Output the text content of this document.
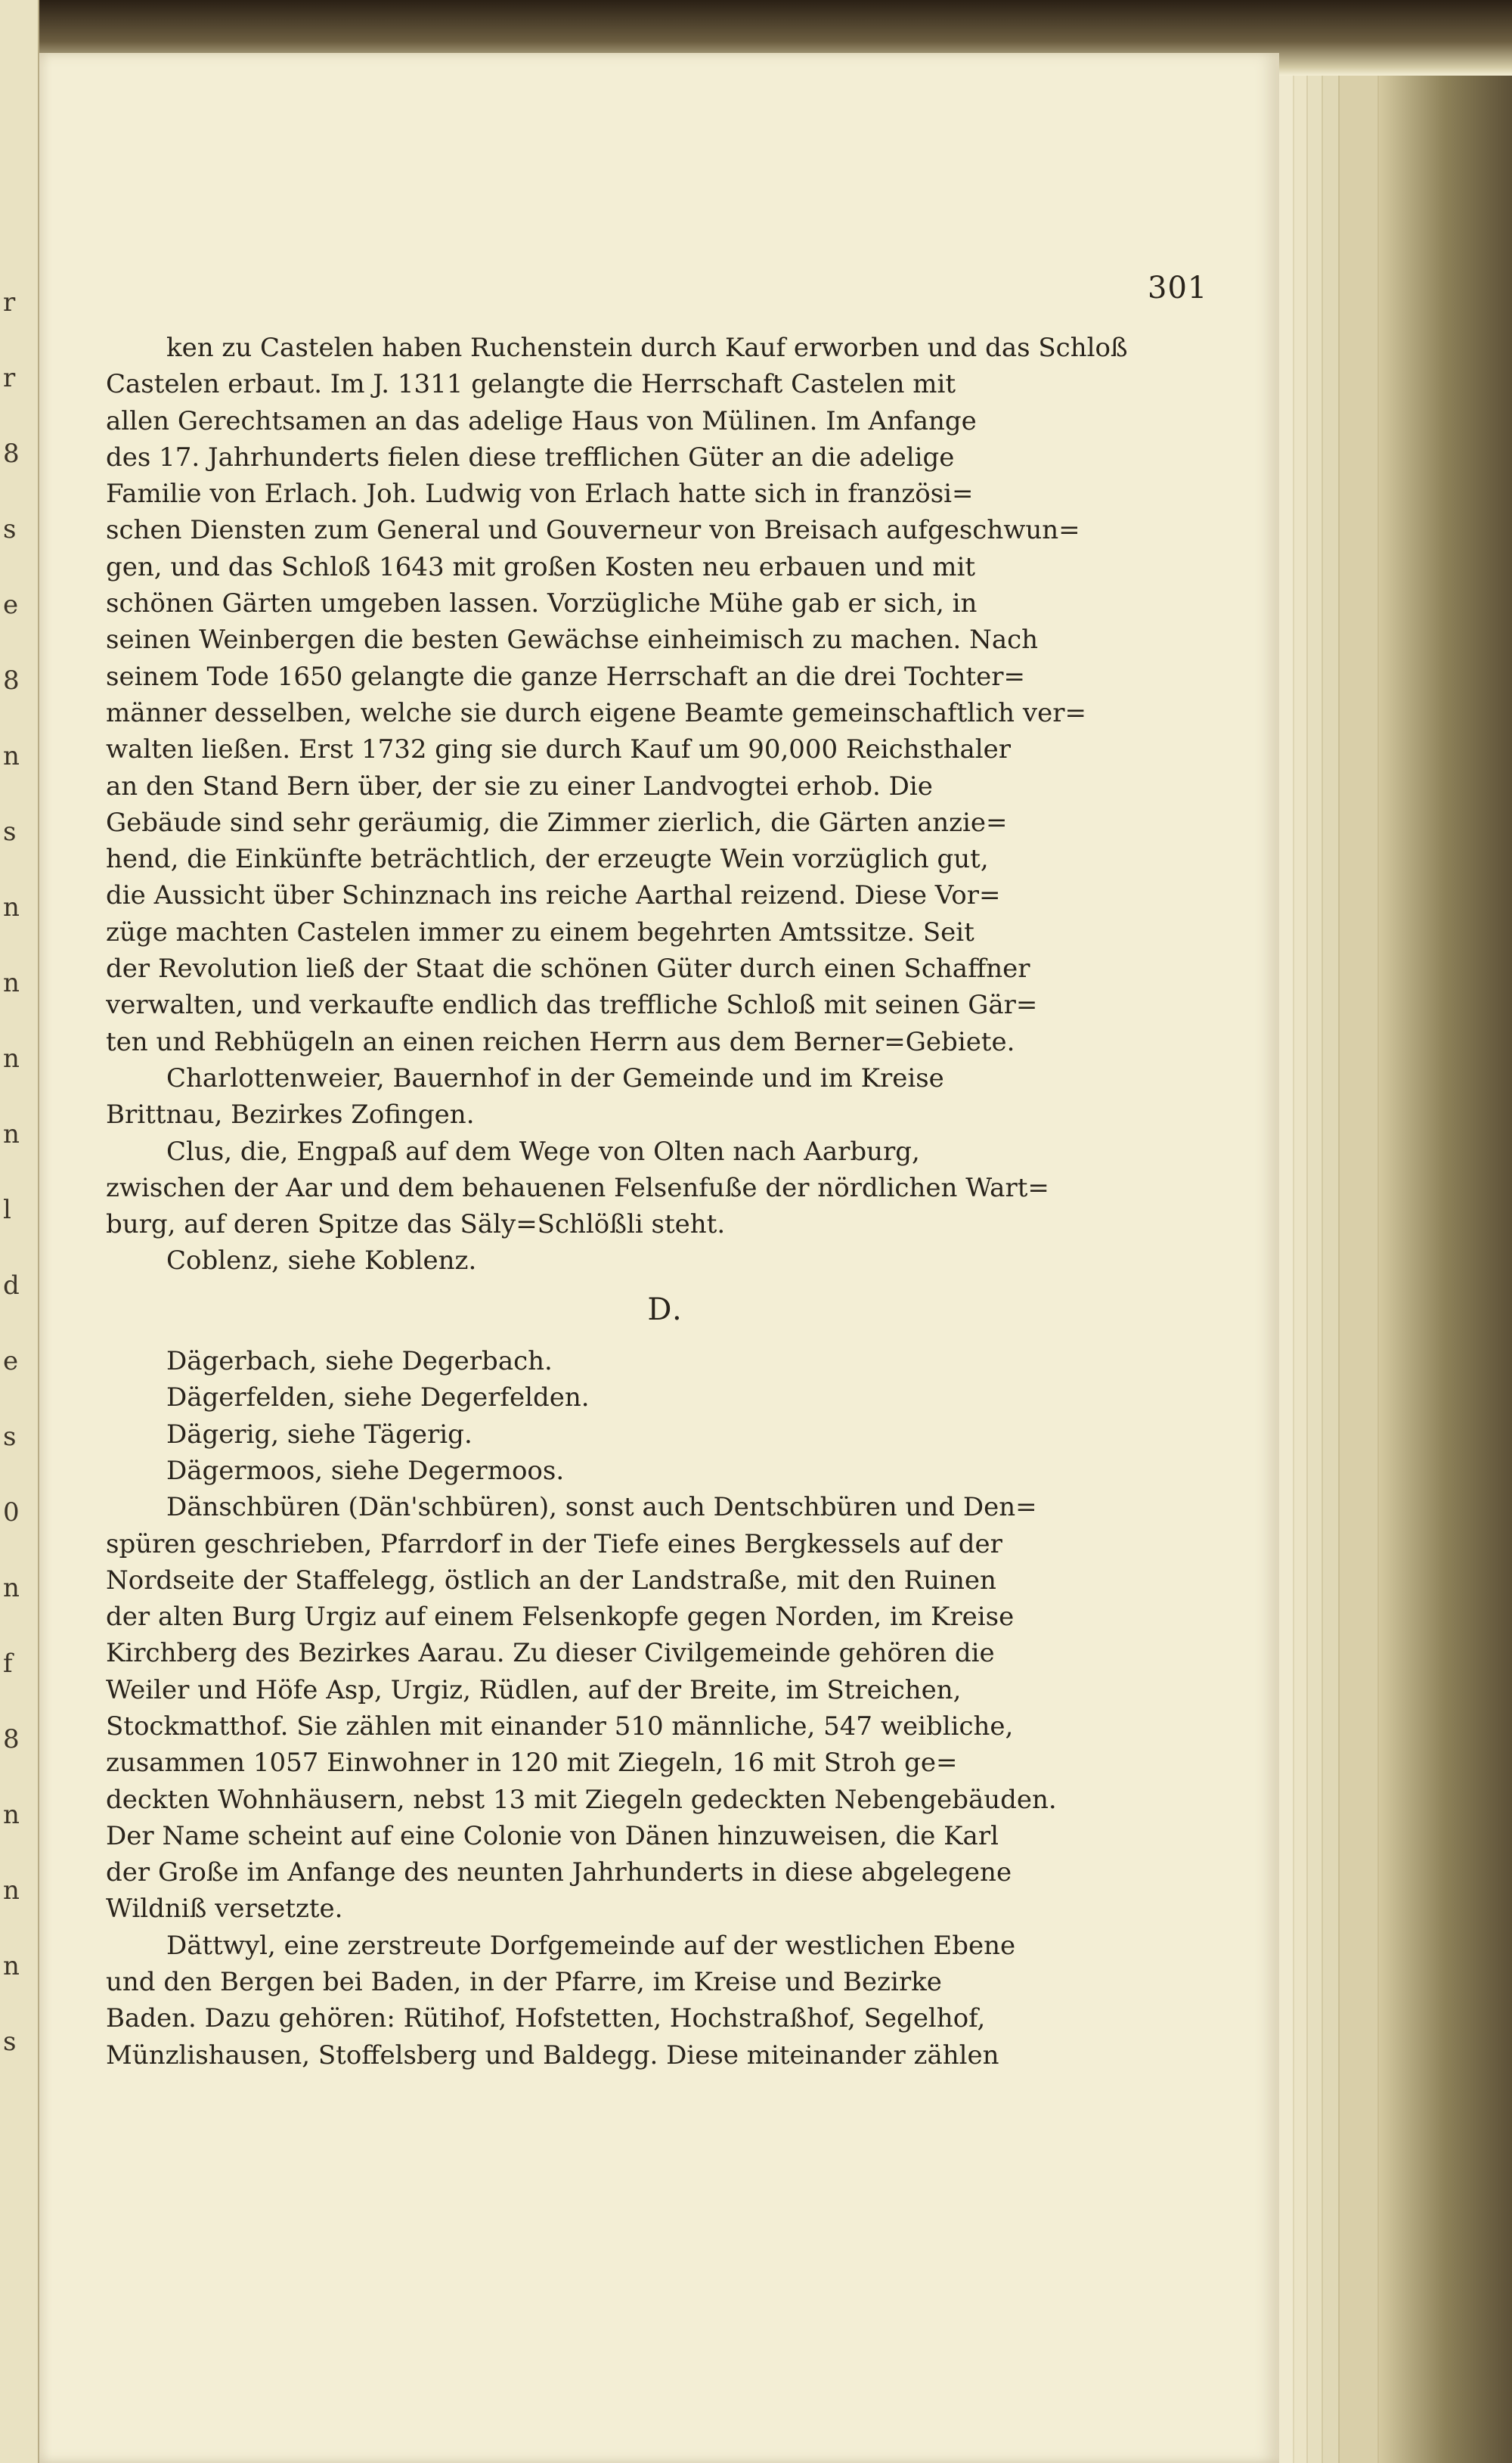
r
r
8
s
e
8
n
s
n
n
n
n
l
d
e
s
0
n
f
8
n
n
n
s
301

ken zu Castelen haben Ruchenstein durch Kauf erworben und das Schloß
Castelen erbaut. Im J. 1311 gelangte die Herrschaft Castelen mit
allen Gerechtsamen an das adelige Haus von Mülinen. Im Anfange
des 17. Jahrhunderts fielen diese trefflichen Güter an die adelige
Familie von Erlach. Joh. Ludwig von Erlach hatte sich in französi=
schen Diensten zum General und Gouverneur von Breisach aufgeschwun=
gen, und das Schloß 1643 mit großen Kosten neu erbauen und mit
schönen Gärten umgeben lassen. Vorzügliche Mühe gab er sich, in
seinen Weinbergen die besten Gewächse einheimisch zu machen. Nach
seinem Tode 1650 gelangte die ganze Herrschaft an die drei Tochter=
männer desselben, welche sie durch eigene Beamte gemeinschaftlich ver=
walten ließen. Erst 1732 ging sie durch Kauf um 90,000 Reichsthaler
an den Stand Bern über, der sie zu einer Landvogtei erhob. Die
Gebäude sind sehr geräumig, die Zimmer zierlich, die Gärten anzie=
hend, die Einkünfte beträchtlich, der erzeugte Wein vorzüglich gut,
die Aussicht über Schinznach ins reiche Aarthal reizend. Diese Vor=
züge machten Castelen immer zu einem begehrten Amtssitze. Seit
der Revolution ließ der Staat die schönen Güter durch einen Schaffner
verwalten, und verkaufte endlich das treffliche Schloß mit seinen Gär=
ten und Rebhügeln an einen reichen Herrn aus dem Berner=Gebiete.

Charlottenweier, Bauernhof in der Gemeinde und im Kreise
Brittnau, Bezirkes Zofingen.

Clus, die, Engpaß auf dem Wege von Olten nach Aarburg,
zwischen der Aar und dem behauenen Felsenfuße der nördlichen Wart=
burg, auf deren Spitze das Säly=Schlößli steht.

Coblenz, siehe Koblenz.

D.

Dägerbach, siehe Degerbach.

Dägerfelden, siehe Degerfelden.

Dägerig, siehe Tägerig.

Dägermoos, siehe Degermoos.

Dänschbüren (Dän'schbüren), sonst auch Dentschbüren und Den=
spüren geschrieben, Pfarrdorf in der Tiefe eines Bergkessels auf der
Nordseite der Staffelegg, östlich an der Landstraße, mit den Ruinen
der alten Burg Urgiz auf einem Felsenkopfe gegen Norden, im Kreise
Kirchberg des Bezirkes Aarau. Zu dieser Civilgemeinde gehören die
Weiler und Höfe Asp, Urgiz, Rüdlen, auf der Breite, im Streichen,
Stockmatthof. Sie zählen mit einander 510 männliche, 547 weibliche,
zusammen 1057 Einwohner in 120 mit Ziegeln, 16 mit Stroh ge=
deckten Wohnhäusern, nebst 13 mit Ziegeln gedeckten Nebengebäuden.
Der Name scheint auf eine Colonie von Dänen hinzuweisen, die Karl
der Große im Anfange des neunten Jahrhunderts in diese abgelegene
Wildniß versetzte.

Dättwyl, eine zerstreute Dorfgemeinde auf der westlichen Ebene
und den Bergen bei Baden, in der Pfarre, im Kreise und Bezirke
Baden. Dazu gehören: Rütihof, Hofstetten, Hochstraßhof, Segelhof,
Münzlishausen, Stoffelsberg und Baldegg. Diese miteinander zählen
